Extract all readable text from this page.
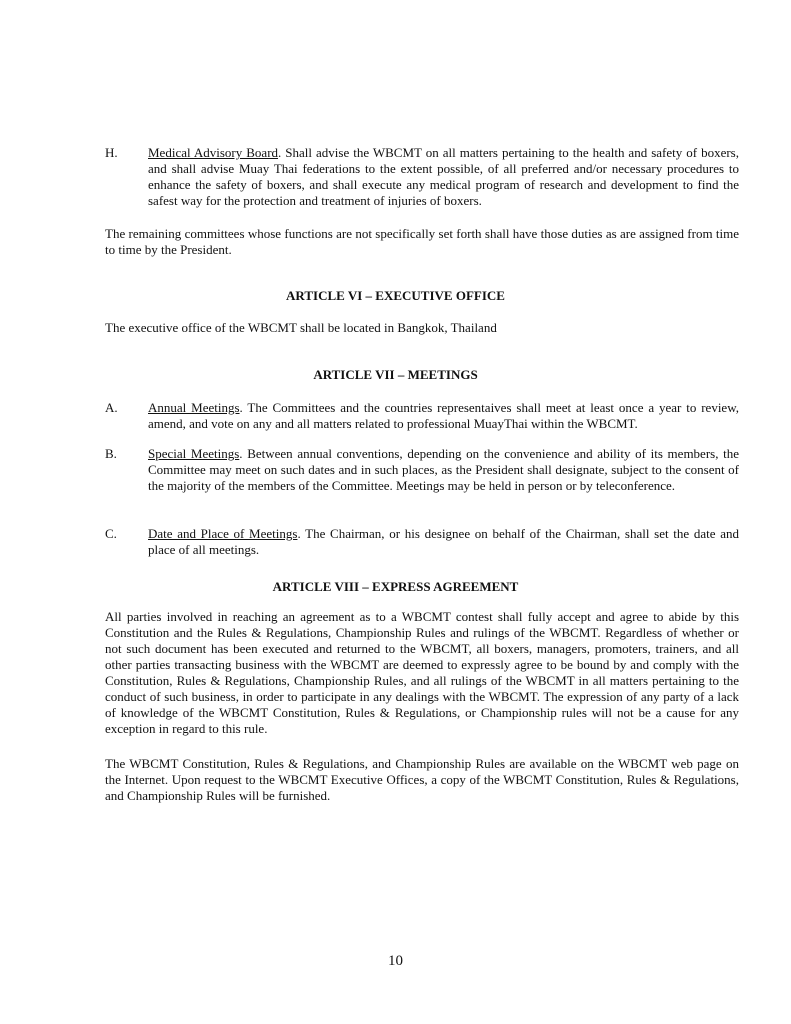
H. Medical Advisory Board. Shall advise the WBCMT on all matters pertaining to the health and safety of boxers, and shall advise Muay Thai federations to the extent possible, of all preferred and/or necessary procedures to enhance the safety of boxers, and shall execute any medical program of research and development to find the safest way for the protection and treatment of injuries of boxers.
The remaining committees whose functions are not specifically set forth shall have those duties as are assigned from time to time by the President.
ARTICLE VI – EXECUTIVE OFFICE
The executive office of the WBCMT shall be located in Bangkok, Thailand
ARTICLE VII – MEETINGS
A. Annual Meetings. The Committees and the countries representaives shall meet at least once a year to review, amend, and vote on any and all matters related to professional MuayThai within the WBCMT.
B. Special Meetings. Between annual conventions, depending on the convenience and ability of its members, the Committee may meet on such dates and in such places, as the President shall designate, subject to the consent of the majority of the members of the Committee. Meetings may be held in person or by teleconference.
C. Date and Place of Meetings. The Chairman, or his designee on behalf of the Chairman, shall set the date and place of all meetings.
ARTICLE VIII – EXPRESS AGREEMENT
All parties involved in reaching an agreement as to a WBCMT contest shall fully accept and agree to abide by this Constitution and the Rules & Regulations, Championship Rules and rulings of the WBCMT. Regardless of whether or not such document has been executed and returned to the WBCMT, all boxers, managers, promoters, trainers, and all other parties transacting business with the WBCMT are deemed to expressly agree to be bound by and comply with the Constitution, Rules & Regulations, Championship Rules, and all rulings of the WBCMT in all matters pertaining to the conduct of such business, in order to participate in any dealings with the WBCMT. The expression of any party of a lack of knowledge of the WBCMT Constitution, Rules & Regulations, or Championship rules will not be a cause for any exception in regard to this rule.
The WBCMT Constitution, Rules & Regulations, and Championship Rules are available on the WBCMT web page on the Internet. Upon request to the WBCMT Executive Offices, a copy of the WBCMT Constitution, Rules & Regulations, and Championship Rules will be furnished.
10
